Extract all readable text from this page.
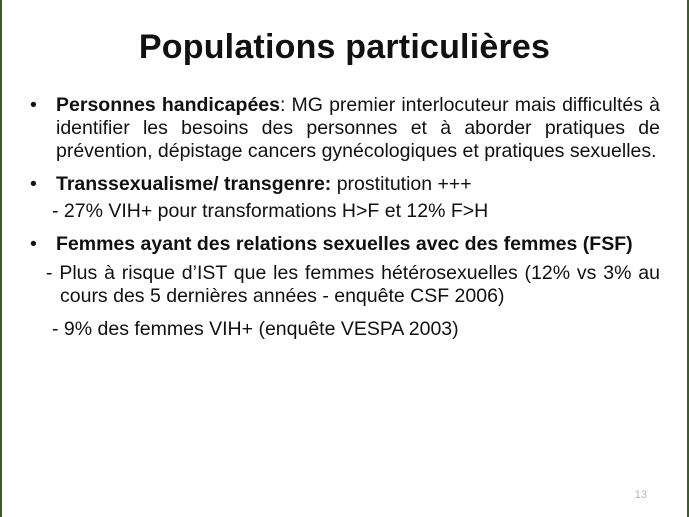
Populations particulières
• Personnes handicapées: MG premier interlocuteur mais difficultés à identifier les besoins des personnes et à aborder pratiques de prévention, dépistage cancers gynécologiques et pratiques sexuelles.
• Transsexualisme/ transgenre: prostitution +++
- 27% VIH+ pour transformations H>F et 12% F>H
• Femmes ayant des relations sexuelles avec des femmes (FSF)
- Plus à risque d’IST que les femmes hétérosexuelles (12% vs 3% au cours des 5 dernières années - enquête CSF 2006)
- 9% des femmes VIH+ (enquête VESPA 2003)
13
